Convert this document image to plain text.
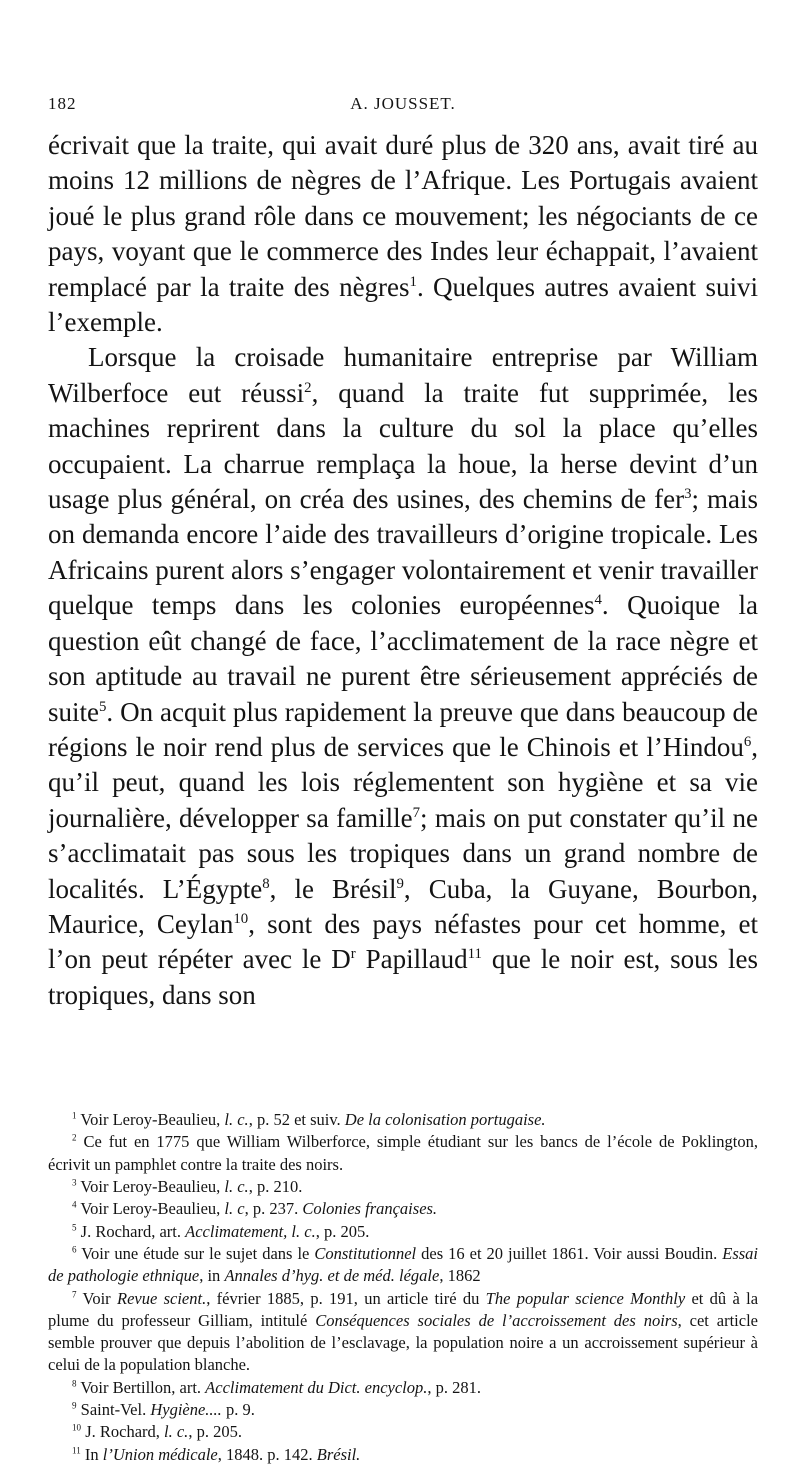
182	A. JOUSSET.

écrivait que la traite, qui avait duré plus de 320 ans, avait tiré au moins 12 millions de nègres de l’Afrique. Les Portugais avaient joué le plus grand rôle dans ce mouvement; les négociants de ce pays, voyant que le commerce des Indes leur échappait, l’avaient remplacé par la traite des nègres$^1$. Quelques autres avaient suivi l’exemple.

Lorsque la croisade humanitaire entreprise par William Wilberfoce eut réussi$^2$, quand la traite fut supprimée, les machines reprirent dans la culture du sol la place qu’elles occupaient. La charrue remplaça la houe, la herse devint d’un usage plus général, on créa des usines, des chemins de fer$^3$; mais on demanda encore l’aide des travailleurs d’origine tropicale. Les Africains purent alors s’engager volontairement et venir travailler quelque temps dans les colonies européennes$^4$. Quoique la question eût changé de face, l’acclimatement de la race nègre et son aptitude au travail ne purent être sérieusement appréciés de suite$^5$. On acquit plus rapidement la preuve que dans beaucoup de régions le noir rend plus de services que le Chinois et l’Hindou$^6$, qu’il peut, quand les lois réglementent son hygiène et sa vie journalière, développer sa famille$^7$; mais on put constater qu’il ne s’acclimatait pas sous les tropiques dans un grand nombre de localités. L’Égypte$^8$, le Brésil$^9$, Cuba, la Guyane, Bourbon, Maurice, Ceylan$^{10}$, sont des pays néfastes pour cet homme, et l’on peut répéter avec le $D^r$ Papillaud$^{11}$ que le noir est, sous les tropiques, dans son

$^1$ Voir Leroy-Beaulieu, l. c., p. 52 et suiv. De la colonisation portugaise.

$^2$ Ce fut en 1775 que William Wilberforce, simple étudiant sur les bancs de l’école de Poklington, écrivit un pamphlet contre la traite des noirs.

$^3$ Voir Leroy-Beaulieu, l. c., p. 210.

$^4$ Voir Leroy-Beaulieu, l. c, p. 237. Colonies françaises.

$^5$ J. Rochard, art. Acclimatement, l. c., p. 205.

$^6$ Voir une étude sur le sujet dans le Constitutionnel des 16 et 20 juillet 1861. Voir aussi Boudin. Essai de pathologie ethnique, in Annales d’hyg. et de méd. légale, 1862

$^7$ Voir Revue scient., février 1885, p. 191, un article tiré du The popular science Monthly et dû à la plume du professeur Gilliam, intitulé Conséquences sociales de l’accroissement des noirs, cet article semble prouver que depuis l’abolition de l’esclavage, la population noire a un accroissement supérieur à celui de la population blanche.

$^8$ Voir Bertillon, art. Acclimatement du Dict. encyclop., p. 281.

$^9$ Saint-Vel. Hygiène.... p. 9.

$^{10}$ J. Rochard, l. c., p. 205.

$^{11}$ In l’Union médicale, 1848. p. 142. Brésil.
